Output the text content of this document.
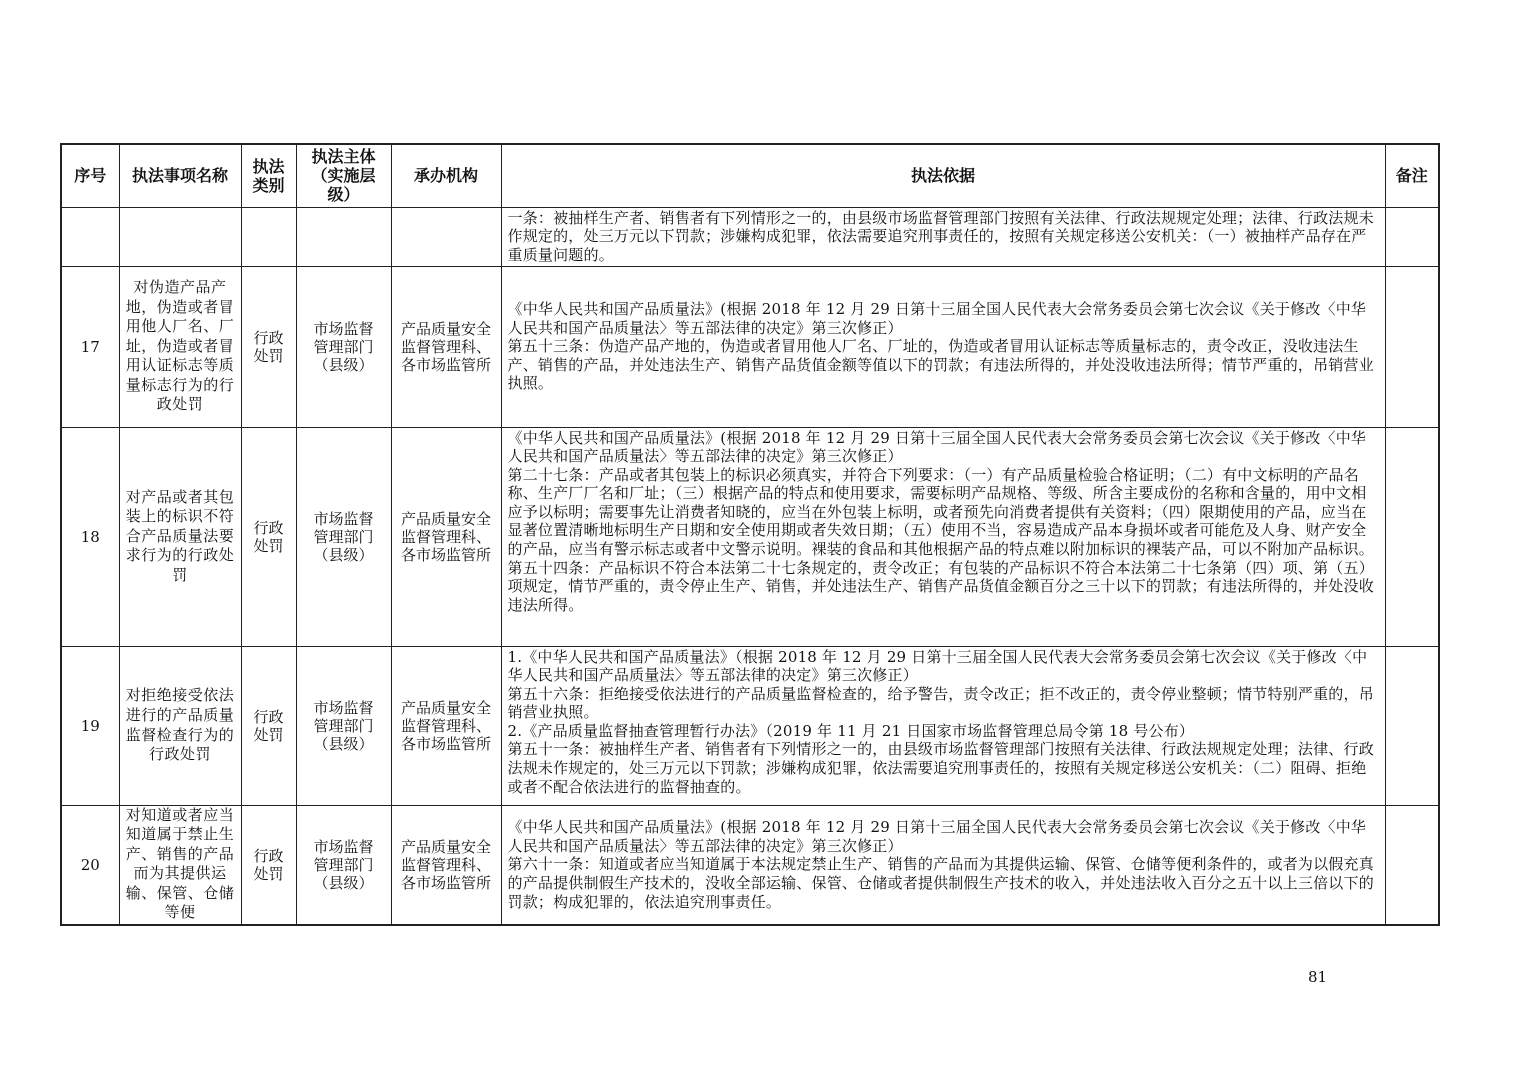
序号	执法事项名称	执法类别	执法主体（实施层级）	承办机构	执法依据	备注

					一条：被抽样生产者、销售者有下列情形之一的，由县级市场监督管理部门按照有关法律、行政法规规定处理；法律、行政法规未作规定的，处三万元以下罚款；涉嫌构成犯罪，依法需要追究刑事责任的，按照有关规定移送公安机关：（一）被抽样产品存在严重质量问题的。	

17	对伪造产品产地，伪造或者冒用他人厂名、厂址，伪造或者冒用认证标志等质量标志行为的行政处罚	行政处罚	市场监督管理部门（县级）	产品质量安全监督管理科、各市场监管所	《中华人民共和国产品质量法》(根据 2018 年 12 月 29 日第十三届全国人民代表大会常务委员会第七次会议《关于修改〈中华人民共和国产品质量法〉等五部法律的决定》第三次修正）
第五十三条：伪造产品产地的，伪造或者冒用他人厂名、厂址的，伪造或者冒用认证标志等质量标志的，责令改正，没收违法生产、销售的产品，并处违法生产、销售产品货值金额等值以下的罚款；有违法所得的，并处没收违法所得；情节严重的，吊销营业执照。	

18	对产品或者其包装上的标识不符合产品质量法要求行为的行政处罚	行政处罚	市场监督管理部门（县级）	产品质量安全监督管理科、各市场监管所	《中华人民共和国产品质量法》(根据 2018 年 12 月 29 日第十三届全国人民代表大会常务委员会第七次会议《关于修改〈中华人民共和国产品质量法〉等五部法律的决定》第三次修正）
第二十七条：产品或者其包装上的标识必须真实，并符合下列要求：（一）有产品质量检验合格证明；（二）有中文标明的产品名称、生产厂厂名和厂址；（三）根据产品的特点和使用要求，需要标明产品规格、等级、所含主要成份的名称和含量的，用中文相应予以标明；需要事先让消费者知晓的，应当在外包装上标明，或者预先向消费者提供有关资料；（四）限期使用的产品，应当在显著位置清晰地标明生产日期和安全使用期或者失效日期；（五）使用不当，容易造成产品本身损坏或者可能危及人身、财产安全的产品，应当有警示标志或者中文警示说明。裸装的食品和其他根据产品的特点难以附加标识的裸装产品，可以不附加产品标识。第五十四条：产品标识不符合本法第二十七条规定的，责令改正；有包装的产品标识不符合本法第二十七条第（四）项、第（五）项规定，情节严重的，责令停止生产、销售，并处违法生产、销售产品货值金额百分之三十以下的罚款；有违法所得的，并处没收违法所得。	

19	对拒绝接受依法进行的产品质量监督检查行为的行政处罚	行政处罚	市场监督管理部门（县级）	产品质量安全监督管理科、各市场监管所	1.《中华人民共和国产品质量法》（根据 2018 年 12 月 29 日第十三届全国人民代表大会常务委员会第七次会议《关于修改〈中华人民共和国产品质量法〉等五部法律的决定》第三次修正）
第五十六条：拒绝接受依法进行的产品质量监督检查的，给予警告，责令改正；拒不改正的，责令停业整顿；情节特别严重的，吊销营业执照。
2.《产品质量监督抽查管理暂行办法》（2019 年 11 月 21 日国家市场监督管理总局令第 18 号公布）
第五十一条：被抽样生产者、销售者有下列情形之一的，由县级市场监督管理部门按照有关法律、行政法规规定处理；法律、行政法规未作规定的，处三万元以下罚款；涉嫌构成犯罪，依法需要追究刑事责任的，按照有关规定移送公安机关：（二）阻碍、拒绝或者不配合依法进行的监督抽查的。	

20	对知道或者应当知道属于禁止生产、销售的产品而为其提供运输、保管、仓储等便	行政处罚	市场监督管理部门（县级）	产品质量安全监督管理科、各市场监管所	《中华人民共和国产品质量法》(根据 2018 年 12 月 29 日第十三届全国人民代表大会常务委员会第七次会议《关于修改〈中华人民共和国产品质量法〉等五部法律的决定》第三次修正）
第六十一条：知道或者应当知道属于本法规定禁止生产、销售的产品而为其提供运输、保管、仓储等便利条件的，或者为以假充真的产品提供制假生产技术的，没收全部运输、保管、仓储或者提供制假生产技术的收入，并处违法收入百分之五十以上三倍以下的罚款；构成犯罪的，依法追究刑事责任。	

81
